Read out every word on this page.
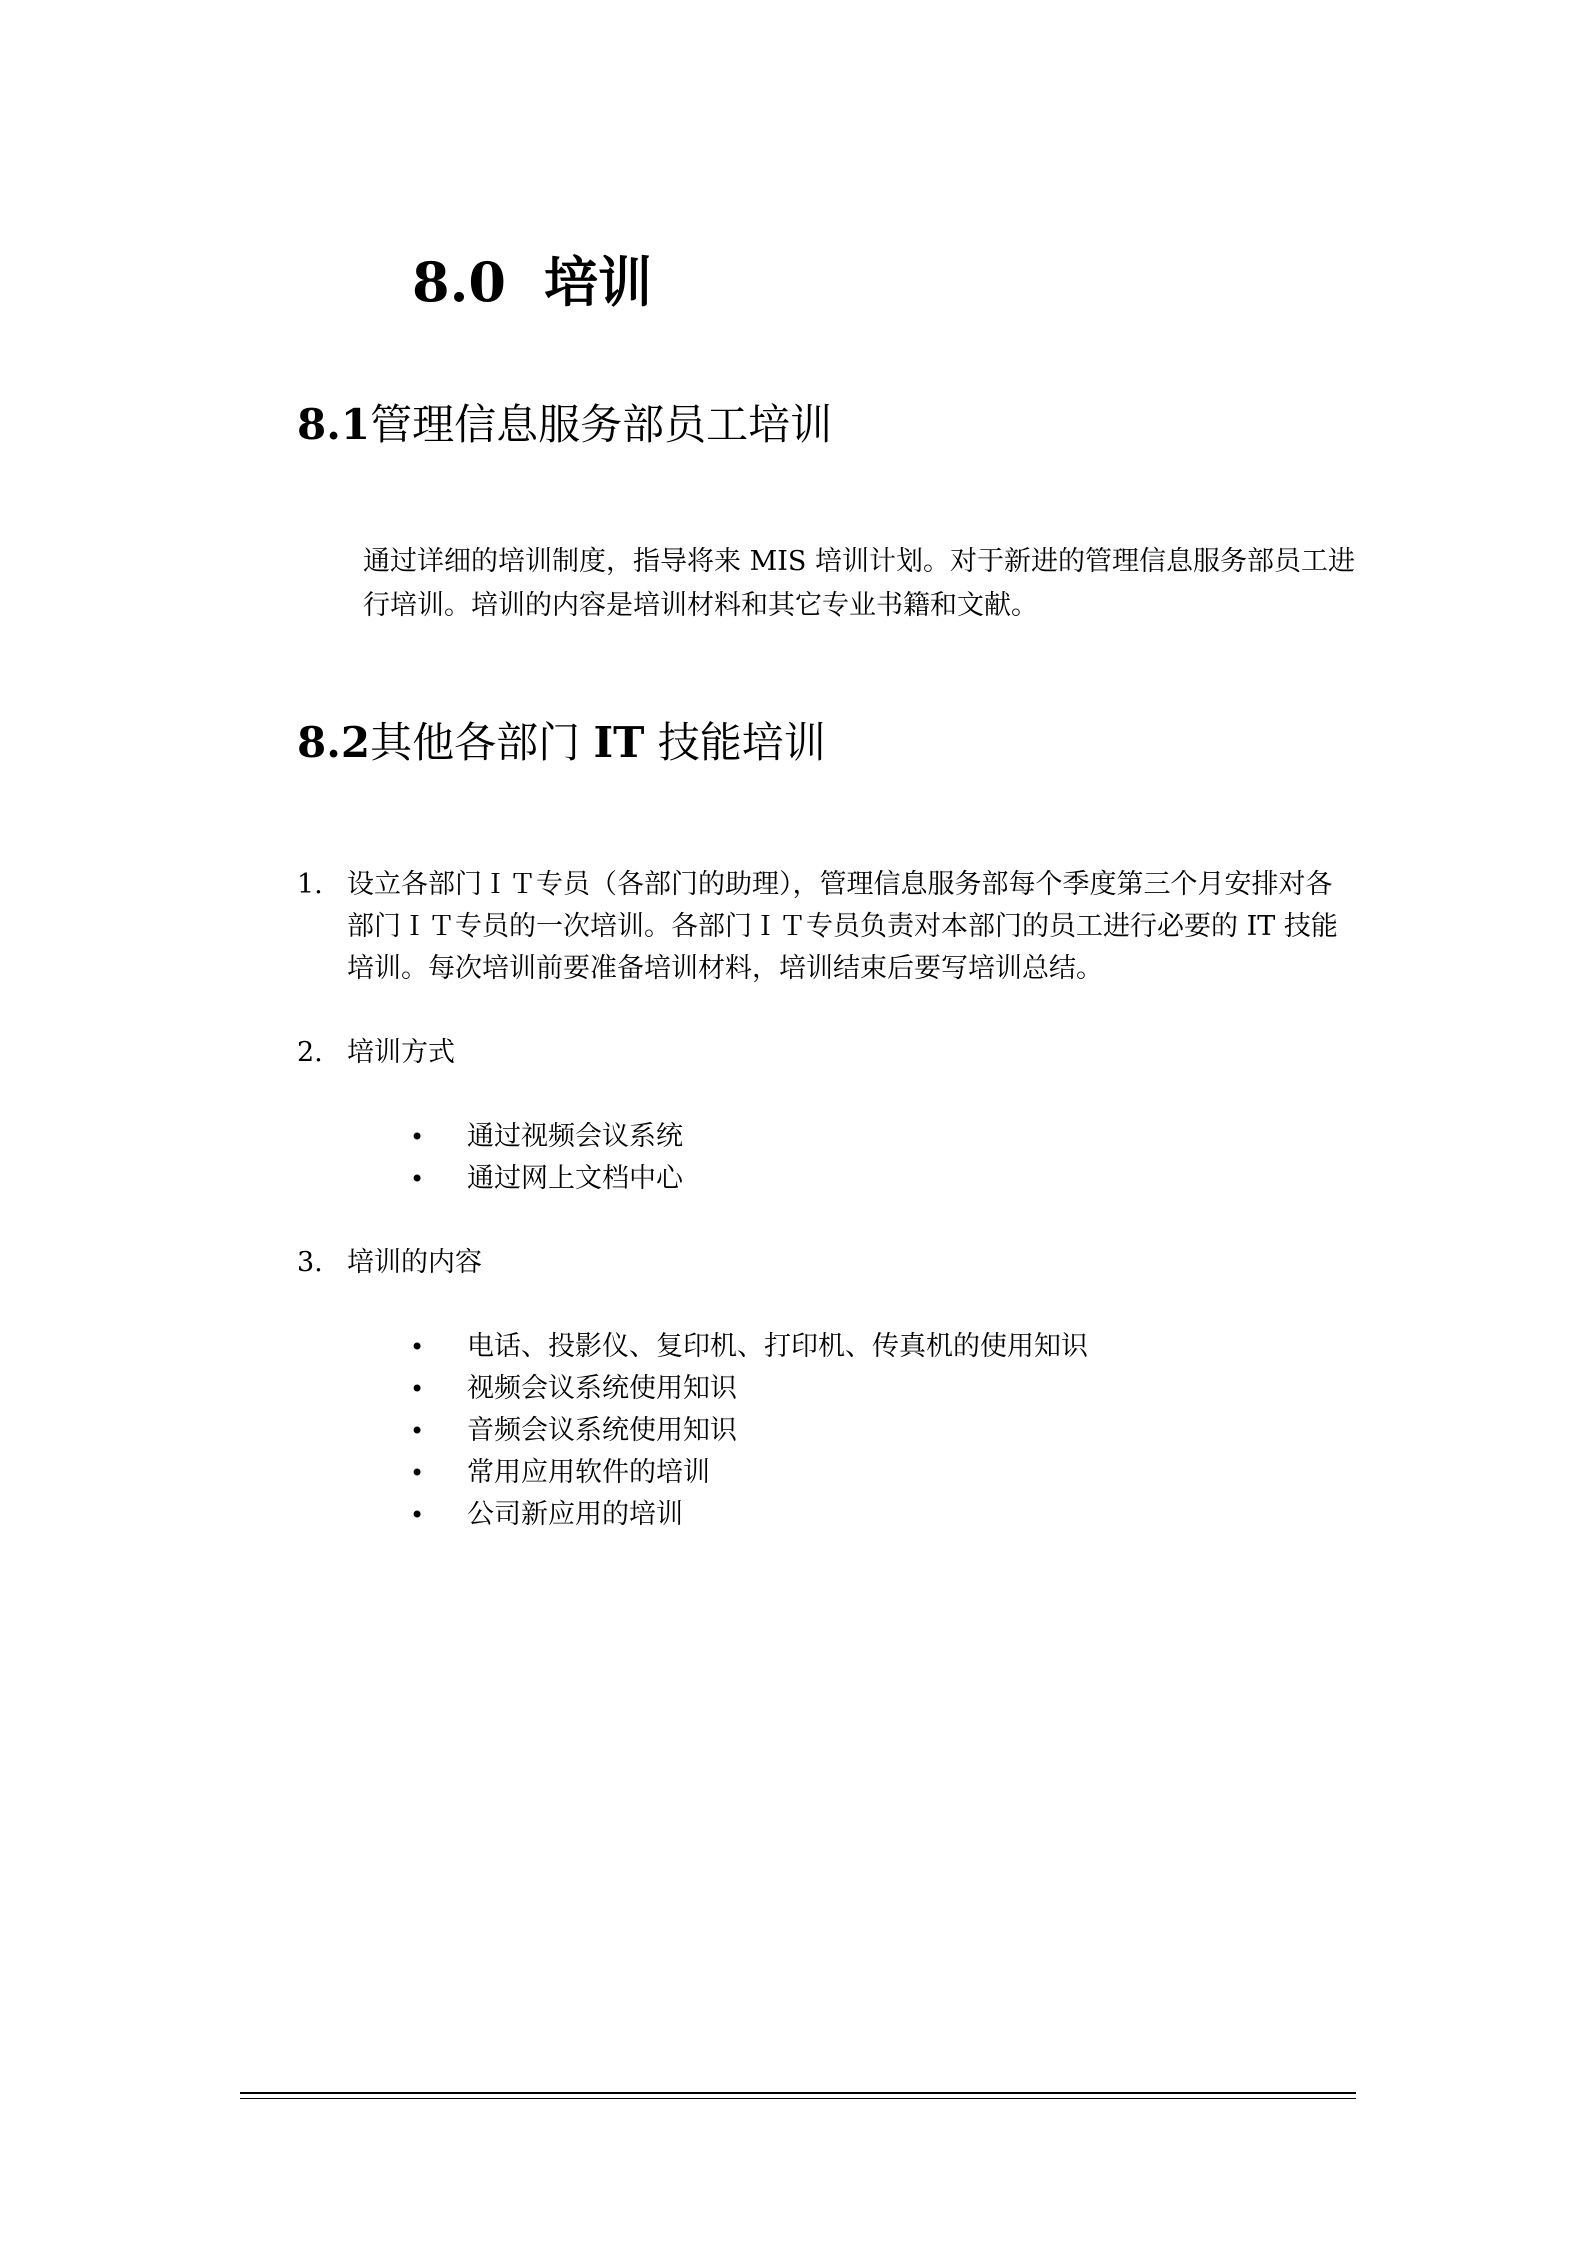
8.0 培训
8.1管理信息服务部员工培训

通过详细的培训制度，指导将来 MIS 培训计划。对于新进的管理信息服务部员工进行培训。培训的内容是培训材料和其它专业书籍和文献。

8.2其他各部门 IT 技能培训
1. 设立各部门ＩＴ专员（各部门的助理），管理信息服务部每个季度第三个月安排对各部门ＩＴ专员的一次培训。各部门ＩＴ专员负责对本部门的员工进行必要的 IT 技能培训。每次培训前要准备培训材料，培训结束后要写培训总结。
2. 培训方式
• 通过视频会议系统
• 通过网上文档中心
3. 培训的内容
• 电话、投影仪、复印机、打印机、传真机的使用知识
• 视频会议系统使用知识
• 音频会议系统使用知识
• 常用应用软件的培训
• 公司新应用的培训
